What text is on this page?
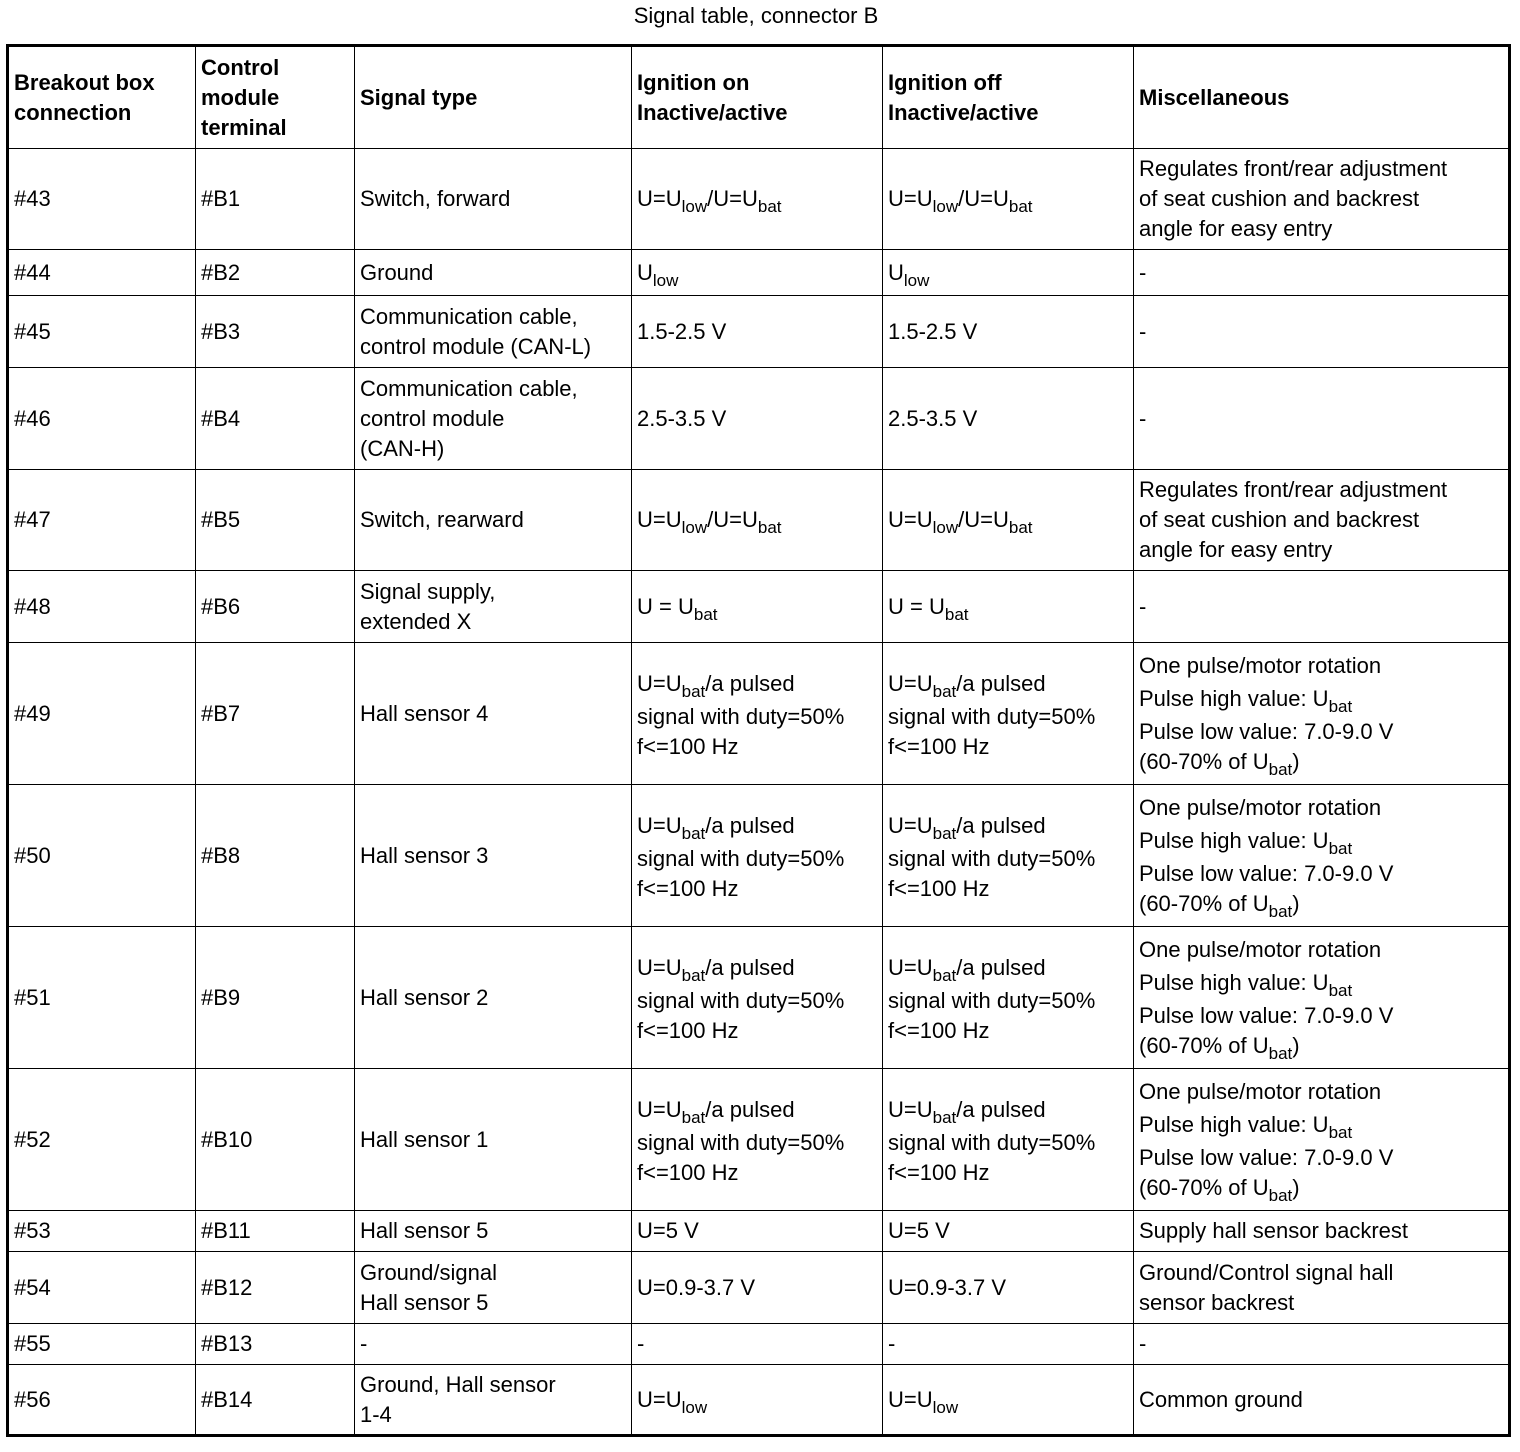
Signal table, connector B
Breakout box
connection	Control
module
terminal	Signal type	Ignition on
Inactive/active	Ignition off
Inactive/active	Miscellaneous

#43	#B1	Switch, forward	$U=U_{low}/U=U_{bat}$	$U=U_{low}/U=U_{bat}$	Regulates front/rear adjustment
of seat cushion and backrest
angle for easy entry

#44	#B2	Ground	$U_{low}$	$U_{low}$	-

#45	#B3	Communication cable,
control module (CAN-L)	1.5-2.5 V	1.5-2.5 V	-

#46	#B4	Communication cable,
control module
(CAN-H)	2.5-3.5 V	2.5-3.5 V	-

#47	#B5	Switch, rearward	$U=U_{low}/U=U_{bat}$	$U=U_{low}/U=U_{bat}$	Regulates front/rear adjustment
of seat cushion and backrest
angle for easy entry

#48	#B6	Signal supply,
extended X	$U = U_{bat}$	$U = U_{bat}$	-

#49	#B7	Hall sensor 4	$U=U_{bat}/a$ pulsed
signal with duty=50%
f<=100 Hz	$U=U_{bat}/a$ pulsed
signal with duty=50%
f<=100 Hz	One pulse/motor rotation
Pulse high value: $U_{bat}$
Pulse low value: 7.0-9.0 V
(60-70% of $U_{bat}$)

#50	#B8	Hall sensor 3	$U=U_{bat}/a$ pulsed
signal with duty=50%
f<=100 Hz	$U=U_{bat}/a$ pulsed
signal with duty=50%
f<=100 Hz	One pulse/motor rotation
Pulse high value: $U_{bat}$
Pulse low value: 7.0-9.0 V
(60-70% of $U_{bat}$)

#51	#B9	Hall sensor 2	$U=U_{bat}/a$ pulsed
signal with duty=50%
f<=100 Hz	$U=U_{bat}/a$ pulsed
signal with duty=50%
f<=100 Hz	One pulse/motor rotation
Pulse high value: $U_{bat}$
Pulse low value: 7.0-9.0 V
(60-70% of $U_{bat}$)

#52	#B10	Hall sensor 1	$U=U_{bat}/a$ pulsed
signal with duty=50%
f<=100 Hz	$U=U_{bat}/a$ pulsed
signal with duty=50%
f<=100 Hz	One pulse/motor rotation
Pulse high value: $U_{bat}$
Pulse low value: 7.0-9.0 V
(60-70% of $U_{bat}$)

#53	#B11	Hall sensor 5	U=5 V	U=5 V	Supply hall sensor backrest

#54	#B12	Ground/signal
Hall sensor 5	U=0.9-3.7 V	U=0.9-3.7 V	Ground/Control signal hall
sensor backrest

#55	#B13	-	-	-	-

#56	#B14	Ground, Hall sensor
1-4	$U=U_{low}$	$U=U_{low}$	Common ground
